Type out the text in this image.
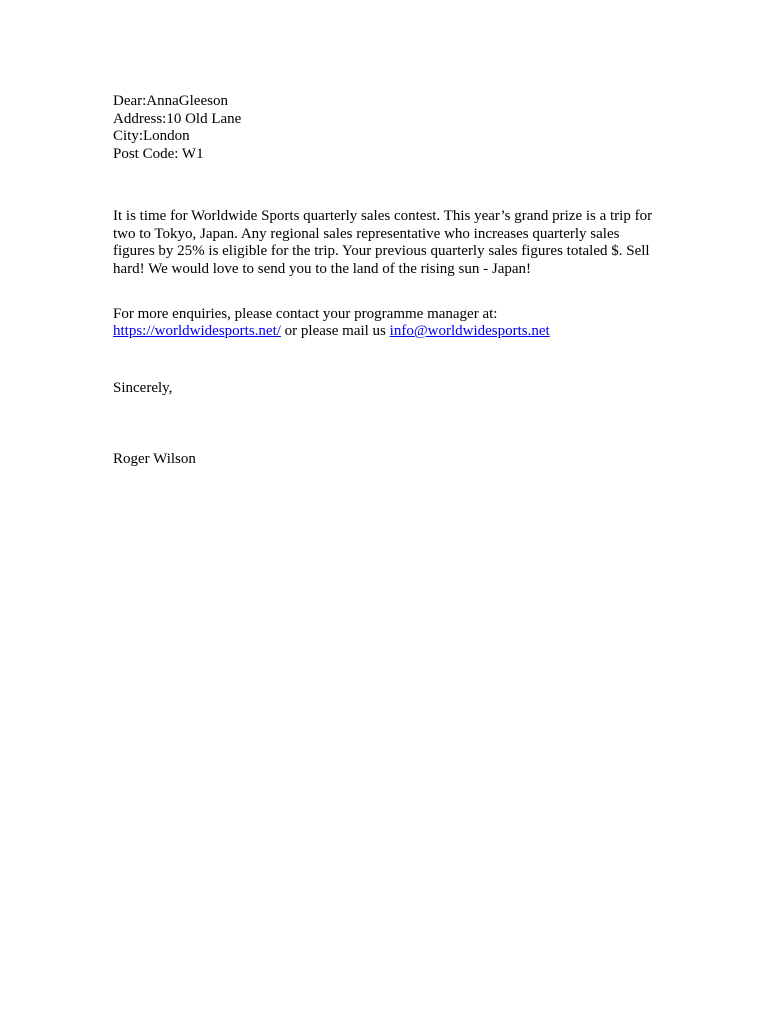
Dear:AnnaGleeson

Address:10 Old Lane

City:London

Post Code: W1

It is time for Worldwide Sports quarterly sales contest. This year’s grand prize is a trip for two to Tokyo, Japan. Any regional sales representative who increases quarterly sales figures by 25% is eligible for the trip. Your previous quarterly sales figures totaled $. Sell hard! We would love to send you to the land of the rising sun - Japan!

For more enquiries, please contact your programme manager at:

https://worldwidesports.net/ or please mail us info@worldwidesports.net

Sincerely,

Roger Wilson
